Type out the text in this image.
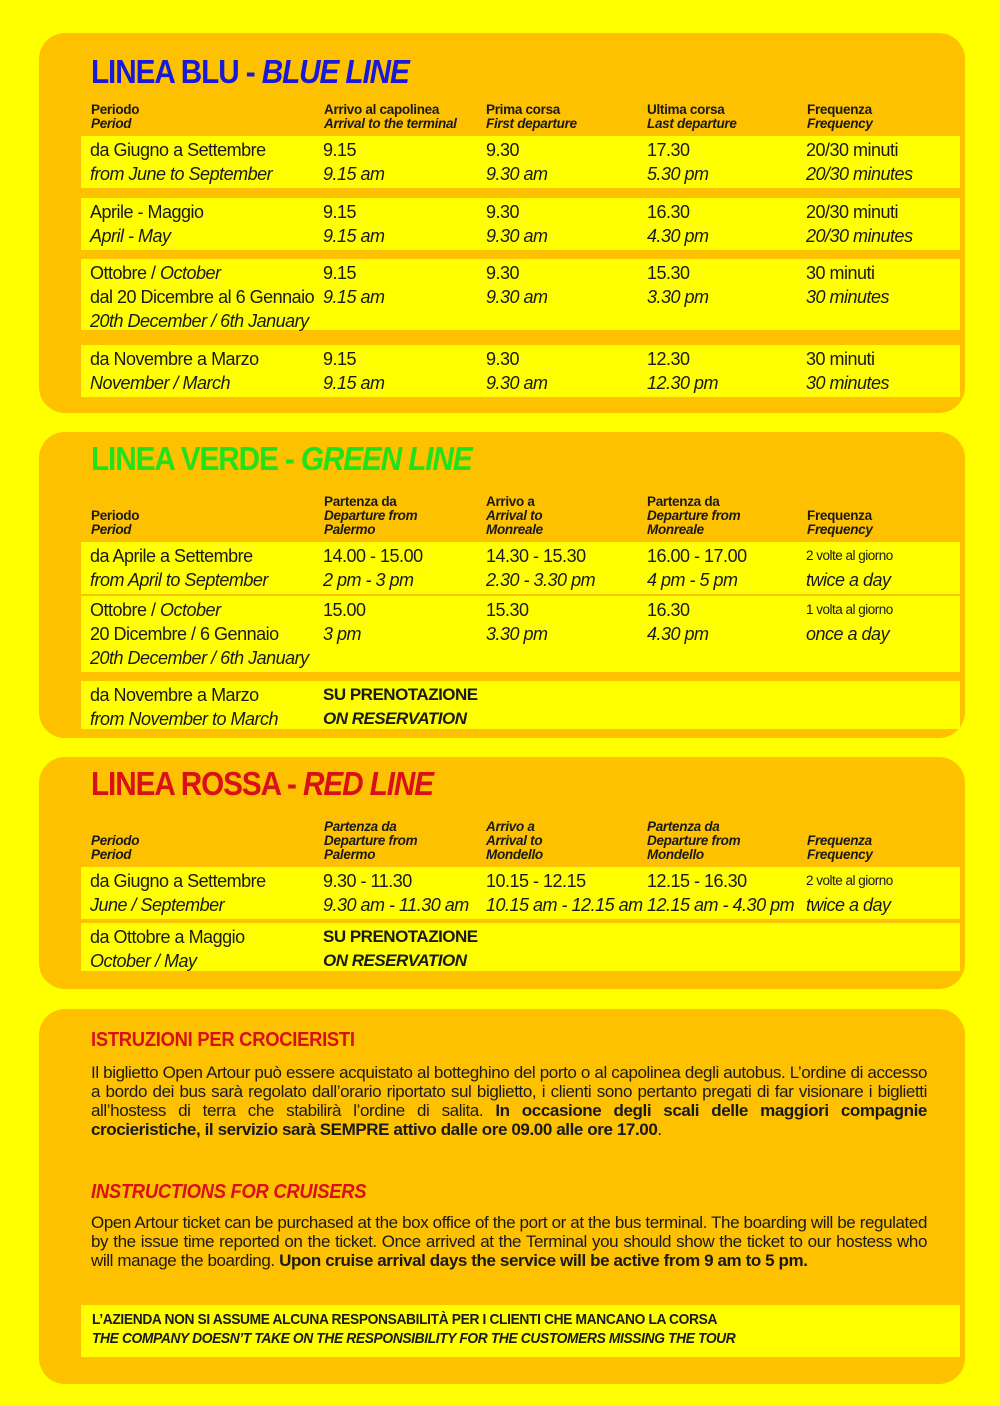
LINEA BLU - BLUE LINE
Periodo
Period
Arrivo al capolinea
Arrival to the terminal
Prima corsa
First departure
Ultima corsa
Last departure
Frequenza
Frequency
da Giugno a Settembre
from June to September
9.15
9.15 am
9.30
9.30 am
17.30
5.30 pm
20/30 minuti
20/30 minutes
Aprile - Maggio
April - May
9.15
9.15 am
9.30
9.30 am
16.30
4.30 pm
20/30 minuti
20/30 minutes
Ottobre / October
dal 20 Dicembre al 6 Gennaio
20th December / 6th January
9.15
9.15 am
9.30
9.30 am
15.30
3.30 pm
30 minuti
30 minutes
da Novembre a Marzo
November / March
9.15
9.15 am
9.30
9.30 am
12.30
12.30 pm
30 minuti
30 minutes
LINEA VERDE - GREEN LINE
Periodo
Period
Partenza da
Departure from
Palermo
Arrivo a
Arrival to
Monreale
Partenza da
Departure from
Monreale
Frequenza
Frequency
da Aprile a Settembre
from April to September
14.00 - 15.00
2 pm - 3 pm
14.30 - 15.30
2.30 - 3.30 pm
16.00 - 17.00
4 pm - 5 pm
2 volte al giorno
twice a day
Ottobre / October
20 Dicembre / 6 Gennaio
20th December / 6th January
15.00
3 pm
15.30
3.30 pm
16.30
4.30 pm
1 volta al giorno
once a day
da Novembre a Marzo
from November to March
SU PRENOTAZIONE
ON RESERVATION
LINEA ROSSA - RED LINE
Periodo
Period
Partenza da
Departure from
Palermo
Arrivo a
Arrival to
Mondello
Partenza da
Departure from
Mondello
Frequenza
Frequency
da Giugno a Settembre
June / September
9.30 - 11.30
9.30 am - 11.30 am
10.15 - 12.15
10.15 am - 12.15 am
12.15 - 16.30
12.15 am - 4.30 pm
2 volte al giorno
twice a day
da Ottobre a Maggio
October / May
SU PRENOTAZIONE
ON RESERVATION
ISTRUZIONI PER CROCIERISTI

Il biglietto Open Artour può essere acquistato al botteghino del porto o al capolinea degli autobus. L’ordine di accesso a bordo dei bus sarà regolato dall’orario riportato sul biglietto, i clienti sono pertanto pregati di far visionare i biglietti all’hostess di terra che stabilirà l’ordine di salita. In occasione degli scali delle maggiori compagnie crocieristiche, il servizio sarà SEMPRE attivo dalle ore 09.00 alle ore 17.00.

INSTRUCTIONS FOR CRUISERS

Open Artour ticket can be purchased at the box office of the port or at the bus terminal. The boarding will be regulated by the issue time reported on the ticket. Once arrived at the Terminal you should show the ticket to our hostess who will manage the boarding. Upon cruise arrival days the service will be active from 9 am to 5 pm.

L’AZIENDA NON SI ASSUME ALCUNA RESPONSABILITÀ PER I CLIENTI CHE MANCANO LA CORSA
THE COMPANY DOESN’T TAKE ON THE RESPONSIBILITY FOR THE CUSTOMERS MISSING THE TOUR
